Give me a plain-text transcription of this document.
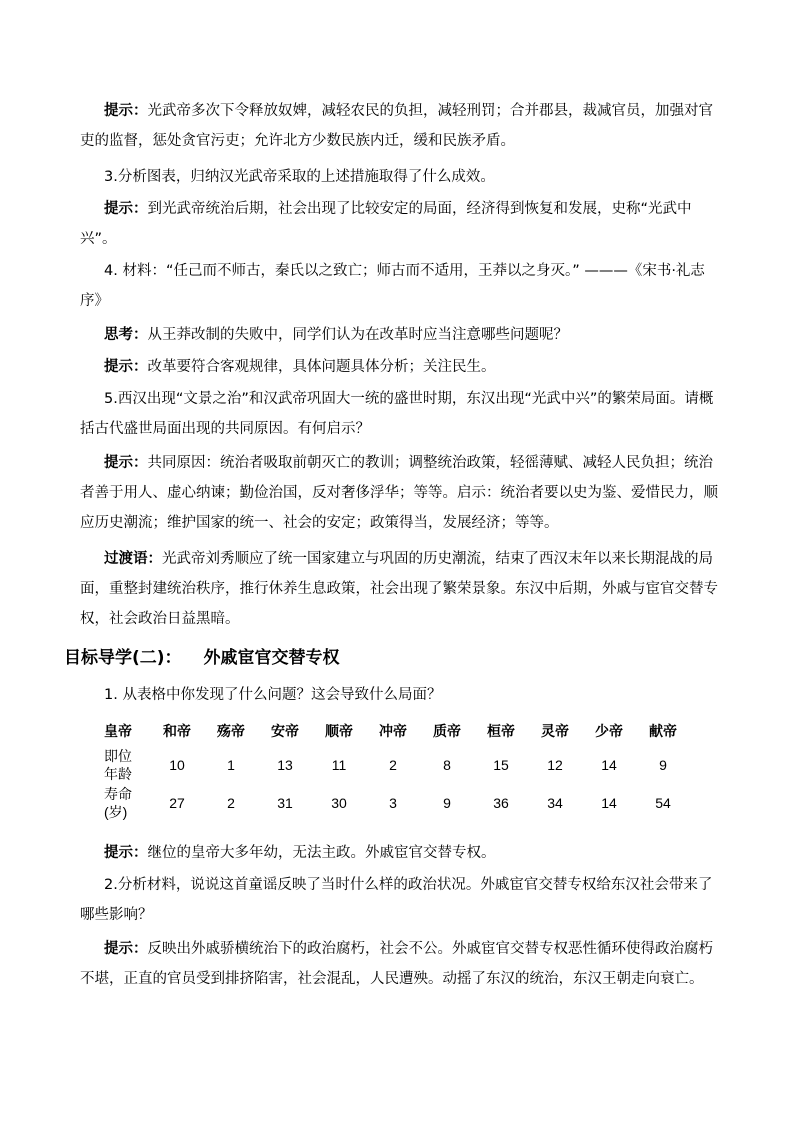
提示：光武帝多次下令释放奴婢，减轻农民的负担，减轻刑罚；合并郡县，裁减官员，加强对官吏的监督，惩处贪官污吏；允许北方少数民族内迁，缓和民族矛盾。

3.分析图表，归纳汉光武帝采取的上述措施取得了什么成效。

提示：到光武帝统治后期，社会出现了比较安定的局面，经济得到恢复和发展，史称“光武中兴”。

4. 材料：“任己而不师古，秦氏以之致亡；师古而不适用，王莽以之身灭。” ———《宋书·礼志序》

思考：从王莽改制的失败中，同学们认为在改革时应当注意哪些问题呢？

提示：改革要符合客观规律，具体问题具体分析；关注民生。

5.西汉出现“文景之治”和汉武帝巩固大一统的盛世时期，东汉出现“光武中兴”的繁荣局面。请概括古代盛世局面出现的共同原因。有何启示？

提示：共同原因：统治者吸取前朝灭亡的教训；调整统治政策，轻徭薄赋、减轻人民负担；统治者善于用人、虚心纳谏；勤俭治国，反对奢侈浮华；等等。启示：统治者要以史为鉴、爱惜民力，顺应历史潮流；维护国家的统一、社会的安定；政策得当，发展经济；等等。

过渡语：光武帝刘秀顺应了统一国家建立与巩固的历史潮流，结束了西汉末年以来长期混战的局面，重整封建统治秩序，推行休养生息政策，社会出现了繁荣景象。东汉中后期，外戚与宦官交替专权，社会政治日益黑暗。

目标导学(二)： 外戚宦官交替专权

1. 从表格中你发现了什么问题？这会导致什么局面？

皇帝	和帝	殇帝	安帝	顺帝	冲帝	质帝	桓帝	灵帝	少帝	献帝
即位
年龄	10	1	13	11	2	8	15	12	14	9
寿命
(岁)	27	2	31	30	3	9	36	34	14	54

提示：继位的皇帝大多年幼，无法主政。外戚宦官交替专权。

2.分析材料，说说这首童谣反映了当时什么样的政治状况。外戚宦官交替专权给东汉社会带来了哪些影响？

提示：反映出外戚骄横统治下的政治腐朽，社会不公。外戚宦官交替专权恶性循环使得政治腐朽不堪，正直的官员受到排挤陷害，社会混乱，人民遭殃。动摇了东汉的统治，东汉王朝走向衰亡。
